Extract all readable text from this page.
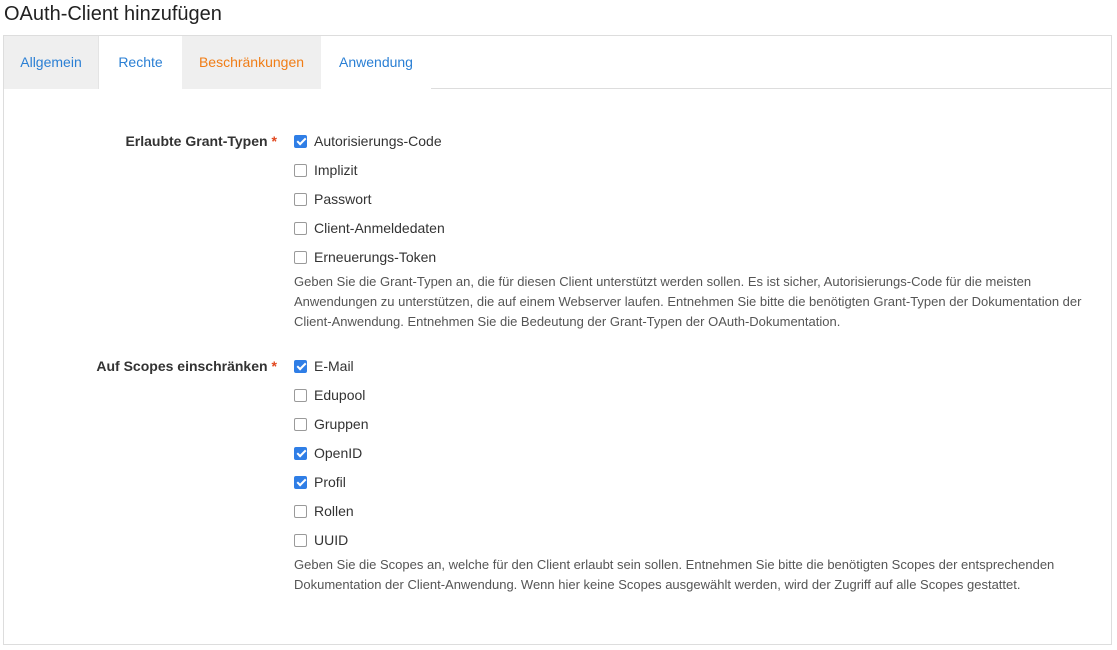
OAuth-Client hinzufügen
Allgemein	Rechte	Beschränkungen	Anwendung
Erlaubte Grant-Typen *	Autorisierungs-Code
Implizit
Passwort
Client-Anmeldedaten
Erneuerungs-Token
Geben Sie die Grant-Typen an, die für diesen Client unterstützt werden sollen. Es ist sicher, Autorisierungs-Code für die meisten Anwendungen zu unterstützen, die auf einem Webserver laufen. Entnehmen Sie bitte die benötigten Grant-Typen der Dokumentation der Client-Anwendung. Entnehmen Sie die Bedeutung der Grant-Typen der OAuth-Dokumentation.
Auf Scopes einschränken *	E-Mail
Edupool
Gruppen
OpenID
Profil
Rollen
UUID
Geben Sie die Scopes an, welche für den Client erlaubt sein sollen. Entnehmen Sie bitte die benötigten Scopes der entsprechenden Dokumentation der Client-Anwendung. Wenn hier keine Scopes ausgewählt werden, wird der Zugriff auf alle Scopes gestattet.
